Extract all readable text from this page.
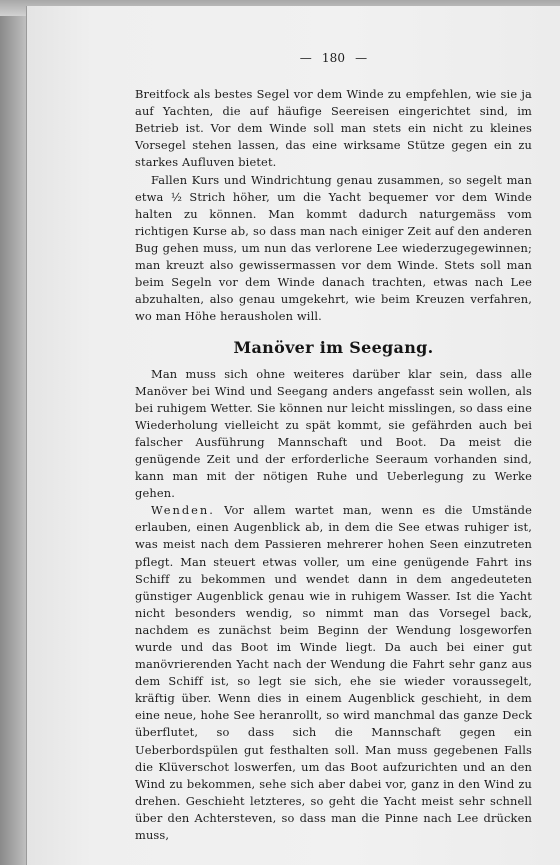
— 180 —

Breitfock als bestes Segel vor dem Winde zu empfehlen, wie sie ja auf Yachten, die auf häufige Seereisen eingerichtet sind, im Betrieb ist. Vor dem Winde soll man stets ein nicht zu kleines Vorsegel stehen lassen, das eine wirksame Stütze gegen ein zu starkes Aufluven bietet.

Fallen Kurs und Windrichtung genau zusammen, so segelt man etwa ½ Strich höher, um die Yacht bequemer vor dem Winde halten zu können. Man kommt dadurch naturgemäss vom richtigen Kurse ab, so dass man nach einiger Zeit auf den anderen Bug gehen muss, um nun das verlorene Lee wiederzugegewinnen; man kreuzt also gewissermassen vor dem Winde. Stets soll man beim Segeln vor dem Winde danach trachten, etwas nach Lee abzuhalten, also genau umgekehrt, wie beim Kreuzen verfahren, wo man Höhe herausholen will.

Manöver im Seegang.

Man muss sich ohne weiteres darüber klar sein, dass alle Manöver bei Wind und Seegang anders angefasst sein wollen, als bei ruhigem Wetter. Sie können nur leicht misslingen, so dass eine Wiederholung vielleicht zu spät kommt, sie gefährden auch bei falscher Ausführung Mannschaft und Boot. Da meist die genügende Zeit und der erforderliche Seeraum vorhanden sind, kann man mit der nötigen Ruhe und Ueberlegung zu Werke gehen.

Wenden. Vor allem wartet man, wenn es die Umstände erlauben, einen Augenblick ab, in dem die See etwas ruhiger ist, was meist nach dem Passieren mehrerer hohen Seen einzutreten pflegt. Man steuert etwas voller, um eine genügende Fahrt ins Schiff zu bekommen und wendet dann in dem angedeuteten günstiger Augenblick genau wie in ruhigem Wasser. Ist die Yacht nicht besonders wendig, so nimmt man das Vorsegel back, nachdem es zunächst beim Beginn der Wendung losgeworfen wurde und das Boot im Winde liegt. Da auch bei einer gut manövrierenden Yacht nach der Wendung die Fahrt sehr ganz aus dem Schiff ist, so legt sie sich, ehe sie wieder voraussegelt, kräftig über. Wenn dies in einem Augenblick geschieht, in dem eine neue, hohe See heranrollt, so wird manchmal das ganze Deck überflutet, so dass sich die Mannschaft gegen ein Ueberbordspülen gut festhalten soll. Man muss gegebenen Falls die Klüverschot loswerfen, um das Boot aufzurichten und an den Wind zu bekommen, sehe sich aber dabei vor, ganz in den Wind zu drehen. Geschieht letzteres, so geht die Yacht meist sehr schnell über den Achtersteven, so dass man die Pinne nach Lee drücken muss,
